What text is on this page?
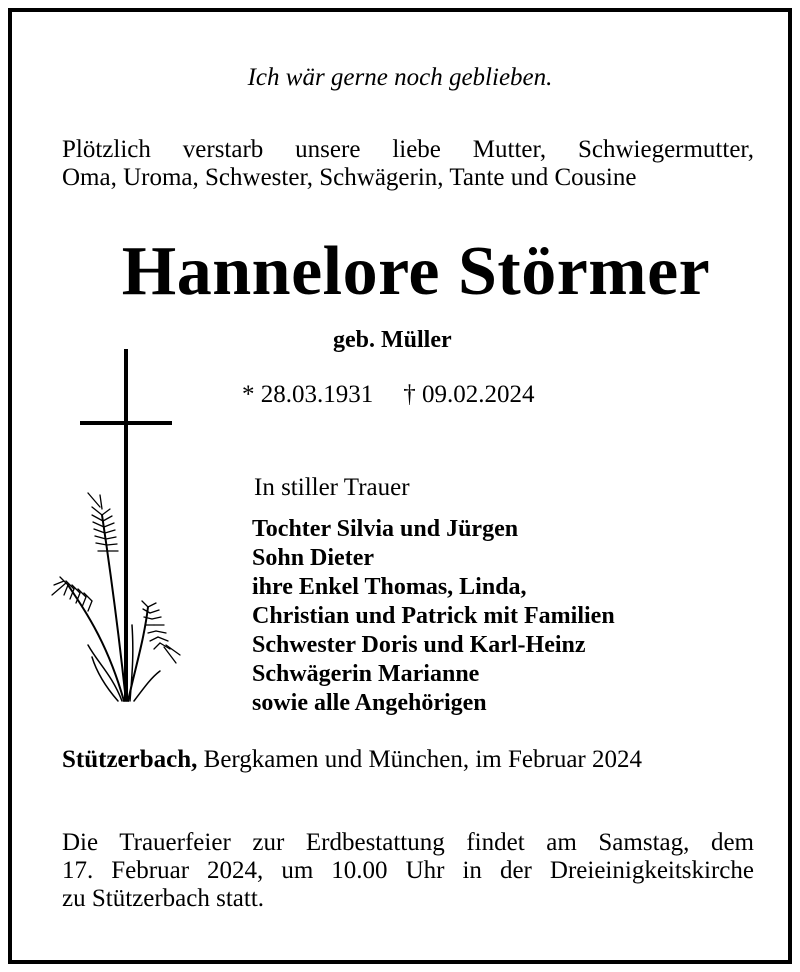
Ich wär gerne noch geblieben.

Plötzlich verstarb unsere liebe Mutter, Schwiegermutter,

Oma, Uroma, Schwester, Schwägerin, Tante und Cousine

Hannelore Störmer

geb. Müller

* 28.03.1931 † 09.02.2024

In stiller Trauer

Tochter Silvia und Jürgen
Sohn Dieter
ihre Enkel Thomas, Linda,
Christian und Patrick mit Familien
Schwester Doris und Karl-Heinz
Schwägerin Marianne
sowie alle Angehörigen

Stützerbach, Bergkamen und München, im Februar 2024

Die Trauerfeier zur Erdbestattung findet am Samstag, dem

17. Februar 2024, um 10.00 Uhr in der Dreieinigkeitskirche

zu Stützerbach statt.
